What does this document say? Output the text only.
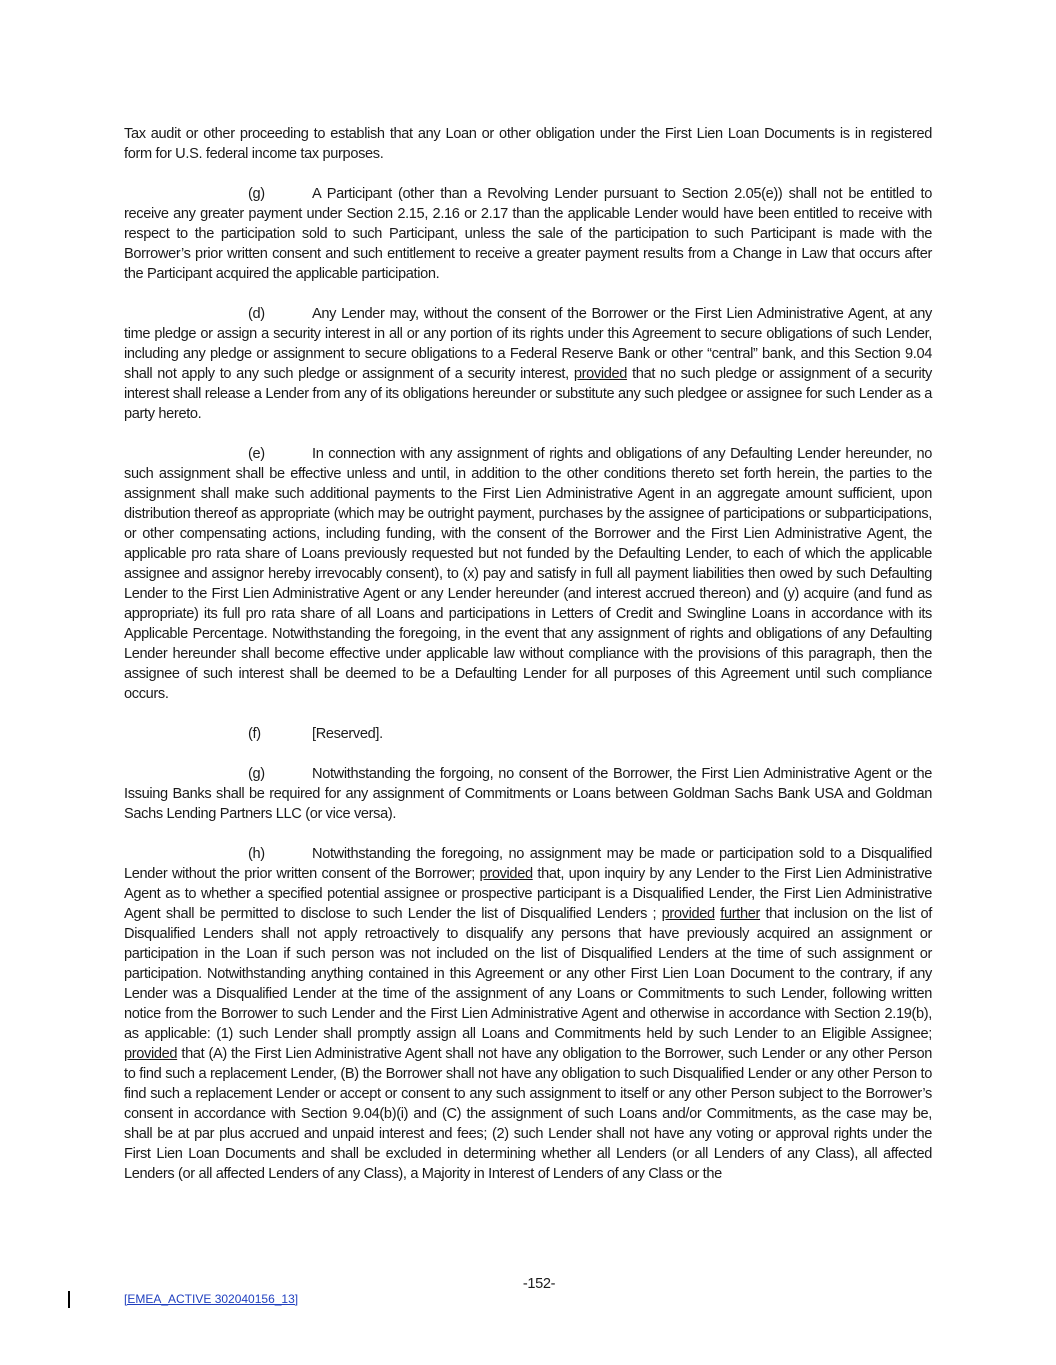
Tax audit or other proceeding to establish that any Loan or other obligation under the First Lien Loan Documents is in registered form for U.S. federal income tax purposes.

(g)	A Participant (other than a Revolving Lender pursuant to Section 2.05(e)) shall not be entitled to receive any greater payment under Section 2.15, 2.16 or 2.17 than the applicable Lender would have been entitled to receive with respect to the participation sold to such Participant, unless the sale of the participation to such Participant is made with the Borrower’s prior written consent and such entitlement to receive a greater payment results from a Change in Law that occurs after the Participant acquired the applicable participation.

(d)	Any Lender may, without the consent of the Borrower or the First Lien Administrative Agent, at any time pledge or assign a security interest in all or any portion of its rights under this Agreement to secure obligations of such Lender, including any pledge or assignment to secure obligations to a Federal Reserve Bank or other “central” bank, and this Section 9.04 shall not apply to any such pledge or assignment of a security interest, provided that no such pledge or assignment of a security interest shall release a Lender from any of its obligations hereunder or substitute any such pledgee or assignee for such Lender as a party hereto.

(e)	In connection with any assignment of rights and obligations of any Defaulting Lender hereunder, no such assignment shall be effective unless and until, in addition to the other conditions thereto set forth herein, the parties to the assignment shall make such additional payments to the First Lien Administrative Agent in an aggregate amount sufficient, upon distribution thereof as appropriate (which may be outright payment, purchases by the assignee of participations or subparticipations, or other compensating actions, including funding, with the consent of the Borrower and the First Lien Administrative Agent, the applicable pro rata share of Loans previously requested but not funded by the Defaulting Lender, to each of which the applicable assignee and assignor hereby irrevocably consent), to (x) pay and satisfy in full all payment liabilities then owed by such Defaulting Lender to the First Lien Administrative Agent or any Lender hereunder (and interest accrued thereon) and (y) acquire (and fund as appropriate) its full pro rata share of all Loans and participations in Letters of Credit and Swingline Loans in accordance with its Applicable Percentage. Notwithstanding the foregoing, in the event that any assignment of rights and obligations of any Defaulting Lender hereunder shall become effective under applicable law without compliance with the provisions of this paragraph, then the assignee of such interest shall be deemed to be a Defaulting Lender for all purposes of this Agreement until such compliance occurs.

(f)	[Reserved].

(g)	Notwithstanding the forgoing, no consent of the Borrower, the First Lien Administrative Agent or the Issuing Banks shall be required for any assignment of Commitments or Loans between Goldman Sachs Bank USA and Goldman Sachs Lending Partners LLC (or vice versa).

(h)	Notwithstanding the foregoing, no assignment may be made or participation sold to a Disqualified Lender without the prior written consent of the Borrower; provided that, upon inquiry by any Lender to the First Lien Administrative Agent as to whether a specified potential assignee or prospective participant is a Disqualified Lender, the First Lien Administrative Agent shall be permitted to disclose to such Lender the list of Disqualified Lenders ; provided further that inclusion on the list of Disqualified Lenders shall not apply retroactively to disqualify any persons that have previously acquired an assignment or participation in the Loan if such person was not included on the list of Disqualified Lenders at the time of such assignment or participation. Notwithstanding anything contained in this Agreement or any other First Lien Loan Document to the contrary, if any Lender was a Disqualified Lender at the time of the assignment of any Loans or Commitments to such Lender, following written notice from the Borrower to such Lender and the First Lien Administrative Agent and otherwise in accordance with Section 2.19(b), as applicable: (1) such Lender shall promptly assign all Loans and Commitments held by such Lender to an Eligible Assignee; provided that (A) the First Lien Administrative Agent shall not have any obligation to the Borrower, such Lender or any other Person to find such a replacement Lender, (B) the Borrower shall not have any obligation to such Disqualified Lender or any other Person to find such a replacement Lender or accept or consent to any such assignment to itself or any other Person subject to the Borrower’s consent in accordance with Section 9.04(b)(i) and (C) the assignment of such Loans and/or Commitments, as the case may be, shall be at par plus accrued and unpaid interest and fees; (2) such Lender shall not have any voting or approval rights under the First Lien Loan Documents and shall be excluded in determining whether all Lenders (or all Lenders of any Class), all affected Lenders (or all affected Lenders of any Class), a Majority in Interest of Lenders of any Class or the

-152-
[EMEA_ACTIVE 302040156_13]
